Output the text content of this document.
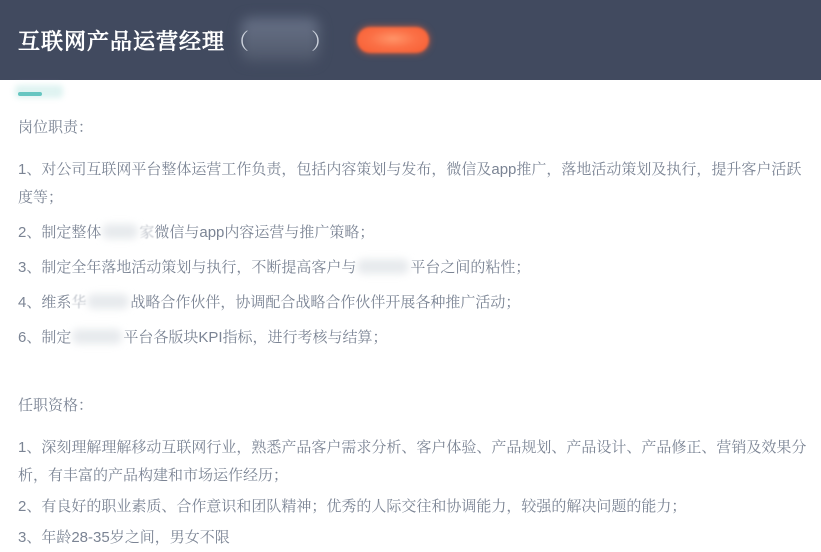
互联网产品运营经理 （	）
岗位职责：

1、对公司互联网平台整体运营工作负责，包括内容策划与发布，微信及app推广，落地活动策划及执行，提升客户活跃度等；

2、制定整体	家微信与app内容运营与推广策略；

3、制定全年落地活动策划与执行，不断提高客户与	平台之间的粘性；

4、维系华	战略合作伙伴，协调配合战略合作伙伴开展各种推广活动；

6、制定	平台各版块KPI指标，进行考核与结算；

任职资格：

1、深刻理解理解移动互联网行业，熟悉产品客户需求分析、客户体验、产品规划、产品设计、产品修正、营销及效果分析，有丰富的产品构建和市场运作经历；

2、有良好的职业素质、合作意识和团队精神；优秀的人际交往和协调能力，较强的解决问题的能力；

3、年龄28-35岁之间，男女不限
